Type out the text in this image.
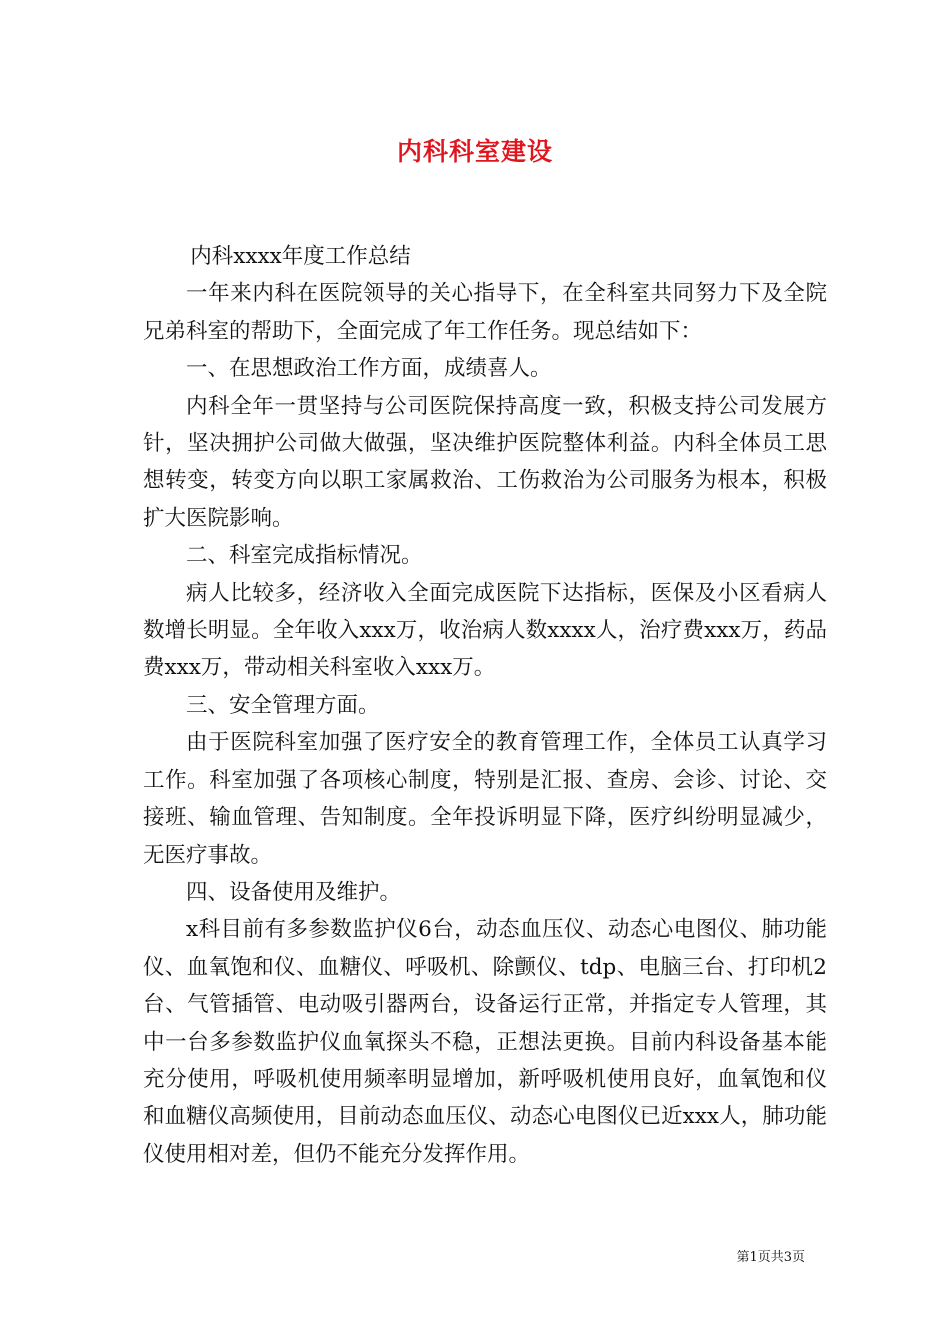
内科科室建设

内科xxxx年度工作总结

一年来内科在医院领导的关心指导下，在全科室共同努力下及全院兄弟科室的帮助下，全面完成了年工作任务。现总结如下：

一、在思想政治工作方面，成绩喜人。

内科全年一贯坚持与公司医院保持高度一致，积极支持公司发展方针，坚决拥护公司做大做强，坚决维护医院整体利益。内科全体员工思想转变，转变方向以职工家属救治、工伤救治为公司服务为根本，积极扩大医院影响。

二、科室完成指标情况。

病人比较多，经济收入全面完成医院下达指标，医保及小区看病人数增长明显。全年收入xxx万，收治病人数xxxx人，治疗费xxx万，药品费xxx万，带动相关科室收入xxx万。

三、安全管理方面。

由于医院科室加强了医疗安全的教育管理工作，全体员工认真学习工作。科室加强了各项核心制度，特别是汇报、查房、会诊、讨论、交接班、输血管理、告知制度。全年投诉明显下降，医疗纠纷明显减少，无医疗事故。

四、设备使用及维护。

x科目前有多参数监护仪6台，动态血压仪、动态心电图仪、肺功能仪、血氧饱和仪、血糖仪、呼吸机、除颤仪、tdp、电脑三台、打印机2台、气管插管、电动吸引器两台，设备运行正常，并指定专人管理，其中一台多参数监护仪血氧探头不稳，正想法更换。目前内科设备基本能充分使用，呼吸机使用频率明显增加，新呼吸机使用良好，血氧饱和仪和血糖仪高频使用，目前动态血压仪、动态心电图仪已近xxx人，肺功能仪使用相对差，但仍不能充分发挥作用。

第1页共3页
